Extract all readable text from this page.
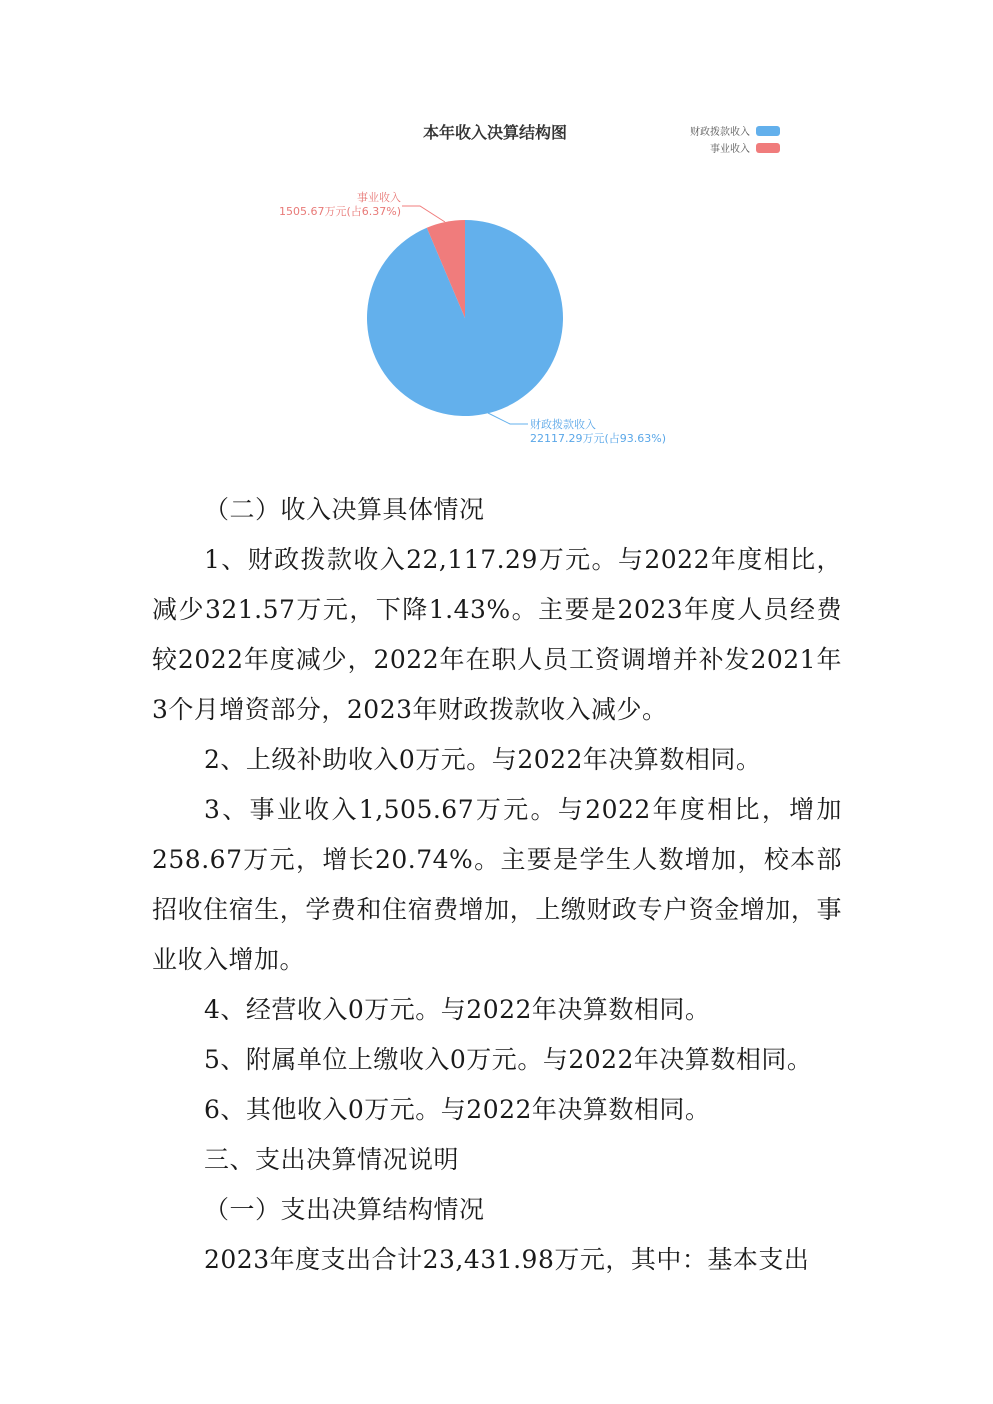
本年收入决算结构图	财政拨款收入
事业收入
事业收入
1505.67万元(占6.37%)
财政拨款收入
22117.29万元(占93.63%)

（二）收入决算具体情况

1、财政拨款收入22,117.29万元。与2022年度相比，减少321.57万元，下降1.43%。主要是2023年度人员经费较2022年度减少，2022年在职人员工资调增并补发2021年3个月增资部分，2023年财政拨款收入减少。

2、上级补助收入0万元。与2022年决算数相同。

3、事业收入1,505.67万元。与2022年度相比，增加258.67万元，增长20.74%。主要是学生人数增加，校本部招收住宿生，学费和住宿费增加，上缴财政专户资金增加，事业收入增加。

4、经营收入0万元。与2022年决算数相同。

5、附属单位上缴收入0万元。与2022年决算数相同。

6、其他收入0万元。与2022年决算数相同。

三、支出决算情况说明

（一）支出决算结构情况

2023年度支出合计23,431.98万元，其中：基本支出
